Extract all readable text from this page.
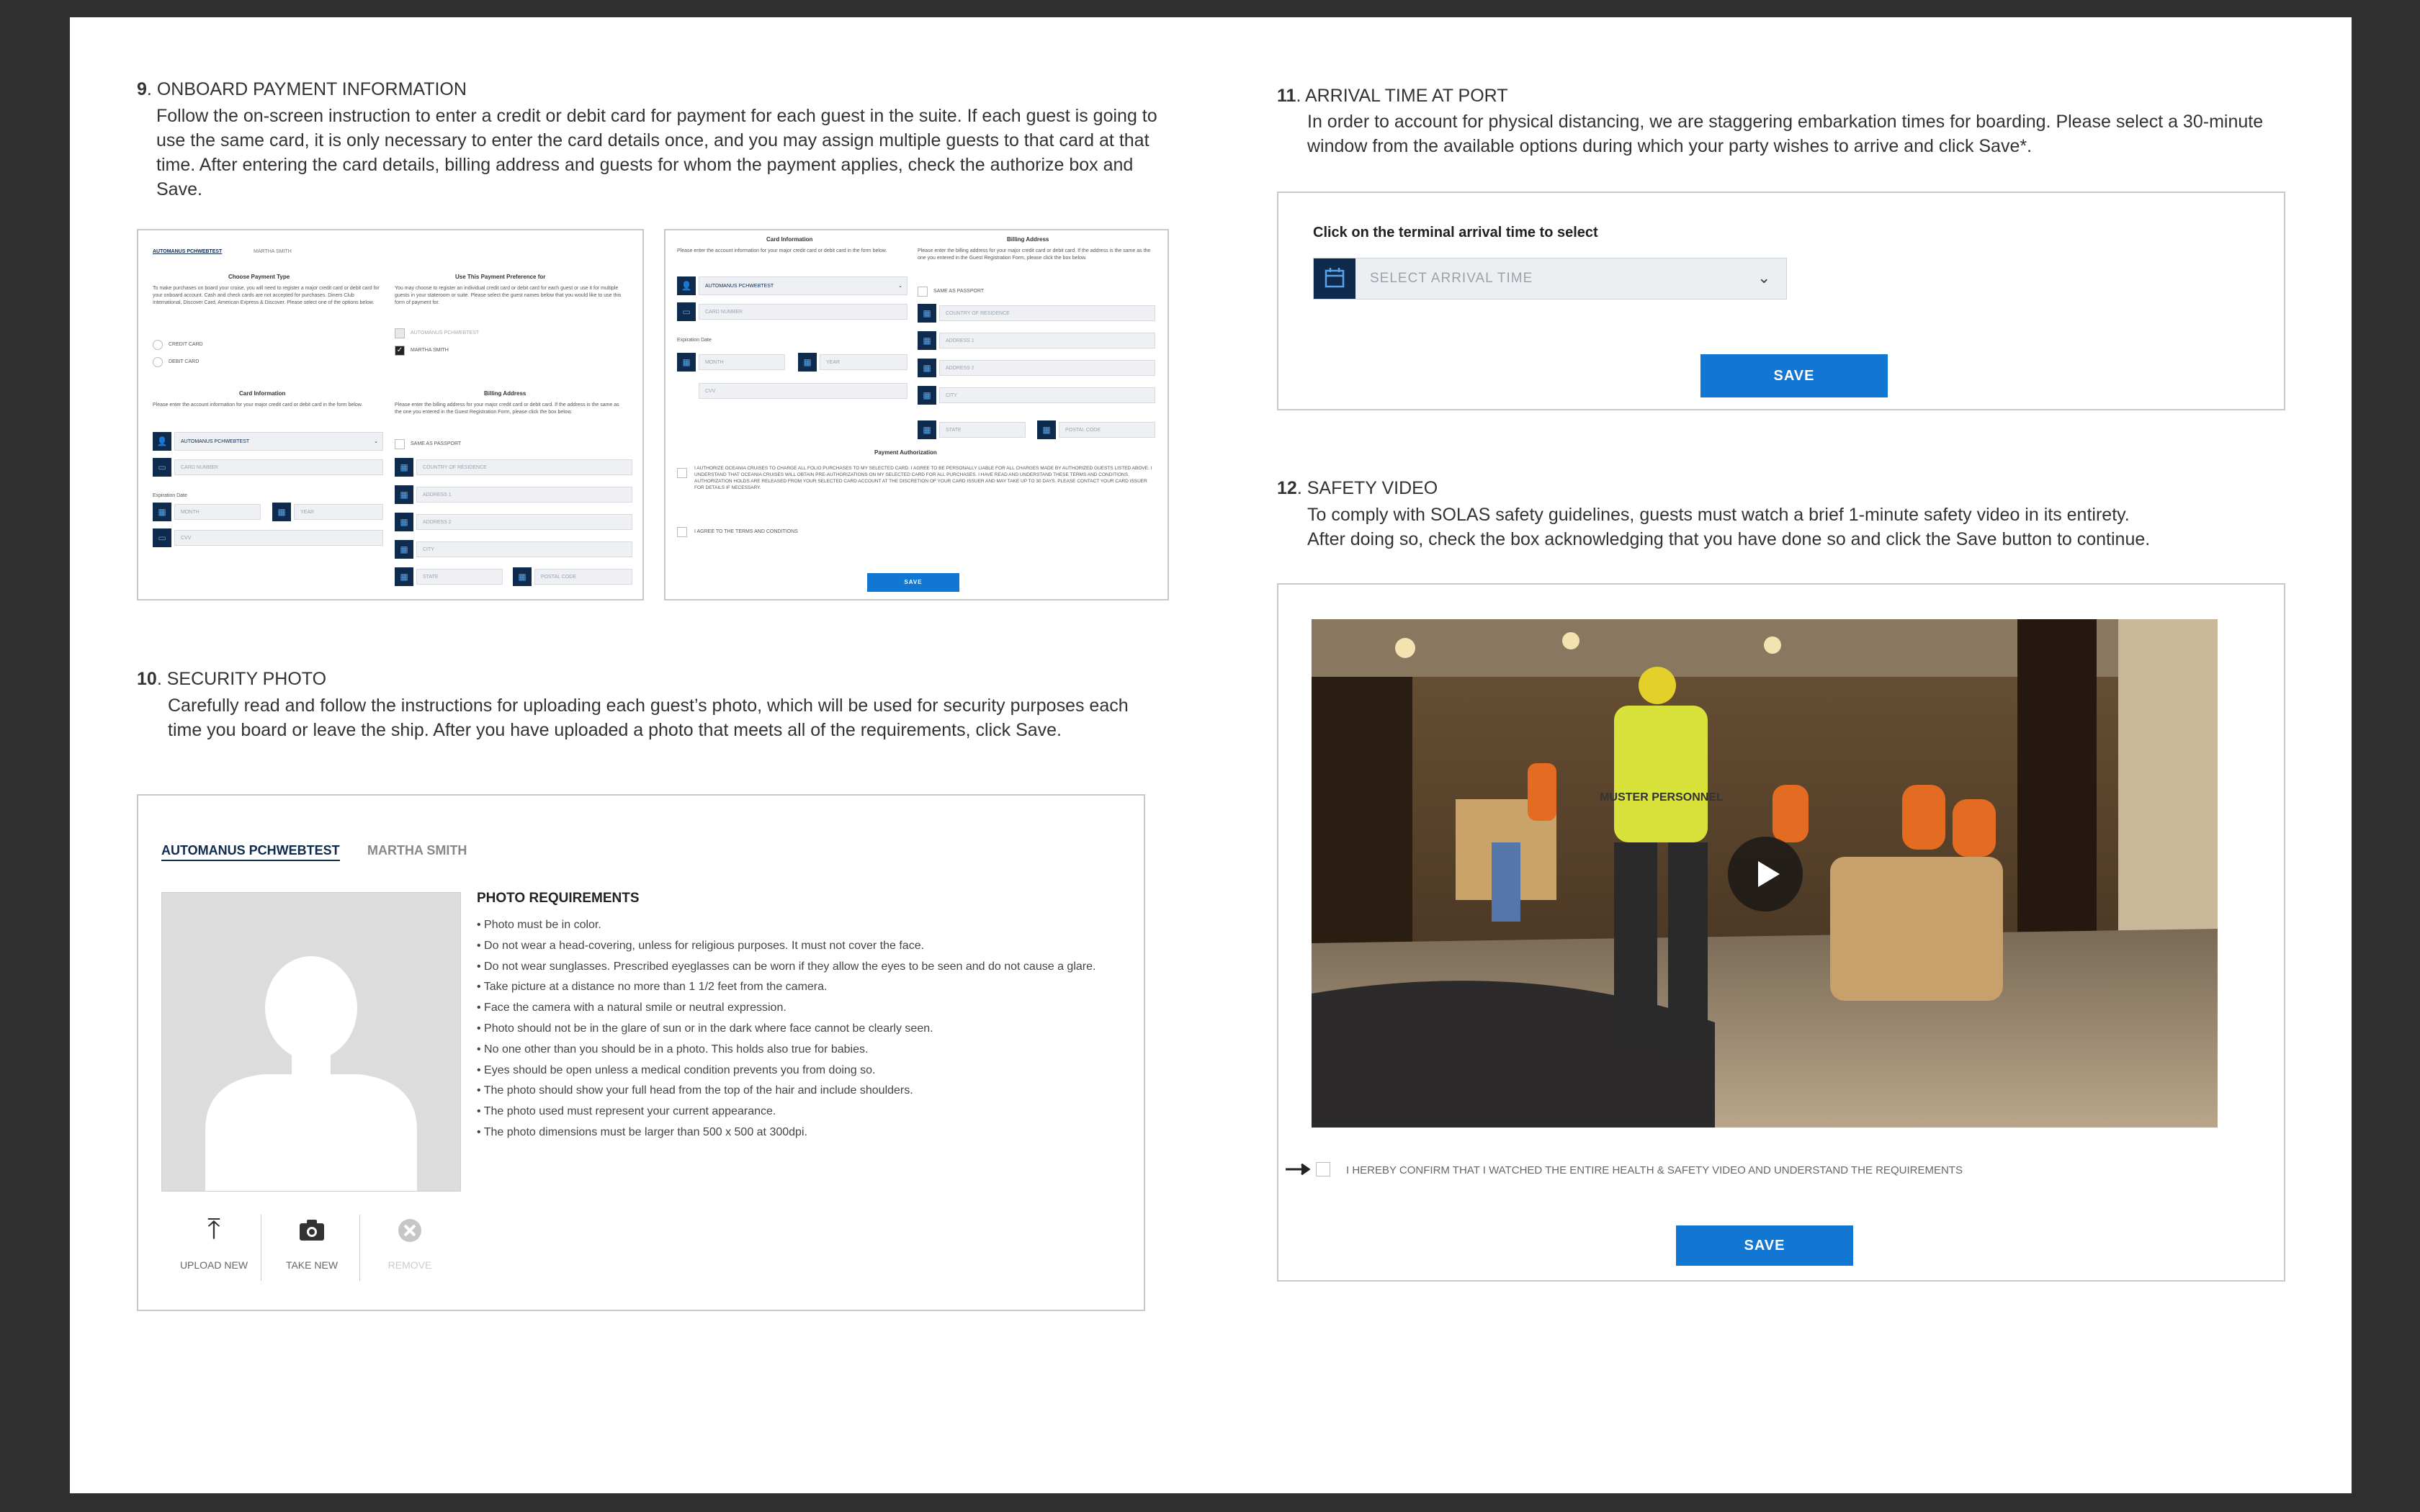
9. ONBOARD PAYMENT INFORMATION
Follow the on-screen instruction to enter a credit or debit card for payment for each guest in the suite. If each guest is going to use the same card, it is only necessary to enter the card details once, and you may assign multiple guests to that card at that time. After entering the card details, billing address and guests for whom the payment applies, check the authorize box and Save.
AUTOMANUS PCHWEBTEST	MARTHA SMITH
Choose Payment Type
To make purchases on board your cruise, you will need to register a major credit card or debit card for your onboard account. Cash and check cards are not accepted for purchases. Diners Club International, Discover Card, American Express & Discover. Please select one of the options below.
CREDIT CARD
DEBIT CARD
Use This Payment Preference for
You may choose to register an individual credit card or debit card for each guest or use it for multiple guests in your stateroom or suite. Please select the guest names below that you would like to use this form of payment for.
AUTOMANUS PCHWEBTEST
✓	MARTHA SMITH
Card Information
Please enter the account information for your major credit card or debit card in the form below.
👤	AUTOMANUS PCHWEBTEST	⌄
▭	CARD NUMBER
Expiration Date
▦	MONTH	▦	YEAR
▭	CVV
Billing Address
Please enter the billing address for your major credit card or debit card. If the address is the same as the one you entered in the Guest Registration Form, please click the box below.
SAME AS PASSPORT
▦	COUNTRY OF RESIDENCE
▦	ADDRESS 1
▦	ADDRESS 2
▦	CITY
▦	STATE	▦	POSTAL CODE
Card Information
Please enter the account information for your major credit card or debit card in the form below.
👤	AUTOMANUS PCHWEBTEST	⌄
▭	CARD NUMBER
Expiration Date
▦	MONTH	▦	YEAR
CVV
Billing Address
Please enter the billing address for your major credit card or debit card. If the address is the same as the one you entered in the Guest Registration Form, please click the box below.
SAME AS PASSPORT
▦	COUNTRY OF RESIDENCE
▦	ADDRESS 1
▦	ADDRESS 2
▦	CITY
▦	STATE	▦	POSTAL CODE
Payment Authorization
I AUTHORIZE OCEANIA CRUISES TO CHARGE ALL FOLIO PURCHASES TO MY SELECTED CARD. I AGREE TO BE PERSONALLY LIABLE FOR ALL CHARGES MADE BY AUTHORIZED GUESTS LISTED ABOVE. I UNDERSTAND THAT OCEANIA CRUISES WILL OBTAIN PRE-AUTHORIZATIONS ON MY SELECTED CARD FOR ALL PURCHASES. I HAVE READ AND UNDERSTAND THESE TERMS AND CONDITIONS. AUTHORIZATION HOLDS ARE RELEASED FROM YOUR SELECTED CARD ACCOUNT AT THE DISCRETION OF YOUR CARD ISSUER AND MAY TAKE UP TO 30 DAYS. PLEASE CONTACT YOUR CARD ISSUER FOR DETAILS IF NECESSARY.
I AGREE TO THE TERMS AND CONDITIONS
SAVE
10. SECURITY PHOTO
Carefully read and follow the instructions for uploading each guest’s photo, which will be used for security purposes each time you board or leave the ship. After you have uploaded a photo that meets all of the requirements, click Save.
AUTOMANUS PCHWEBTEST MARTHA SMITH
PHOTO REQUIREMENTS
• Photo must be in color.
• Do not wear a head-covering, unless for religious purposes. It must not cover the face.
• Do not wear sunglasses. Prescribed eyeglasses can be worn if they allow the eyes to be seen and do not cause a glare.
• Take picture at a distance no more than 1 1/2 feet from the camera.
• Face the camera with a natural smile or neutral expression.
• Photo should not be in the glare of sun or in the dark where face cannot be clearly seen.
• No one other than you should be in a photo. This holds also true for babies.
• Eyes should be open unless a medical condition prevents you from doing so.
• The photo should show your full head from the top of the hair and include shoulders.
• The photo used must represent your current appearance.
• The photo dimensions must be larger than 500 x 500 at 300dpi.
⤒
UPLOAD NEW	TAKE NEW	REMOVE
11. ARRIVAL TIME AT PORT
In order to account for physical distancing, we are staggering embarkation times for boarding. Please select a 30-minute window from the available options during which your party wishes to arrive and click Save*.
Click on the terminal arrival time to select
SELECT ARRIVAL TIME	⌄
SAVE
12. SAFETY VIDEO
To comply with SOLAS safety guidelines, guests must watch a brief 1-minute safety video in its entirety.
After doing so, check the box acknowledging that you have done so and click the Save button to continue.
MUSTER PERSONNEL
I HEREBY CONFIRM THAT I WATCHED THE ENTIRE HEALTH & SAFETY VIDEO AND UNDERSTAND THE REQUIREMENTS
SAVE
